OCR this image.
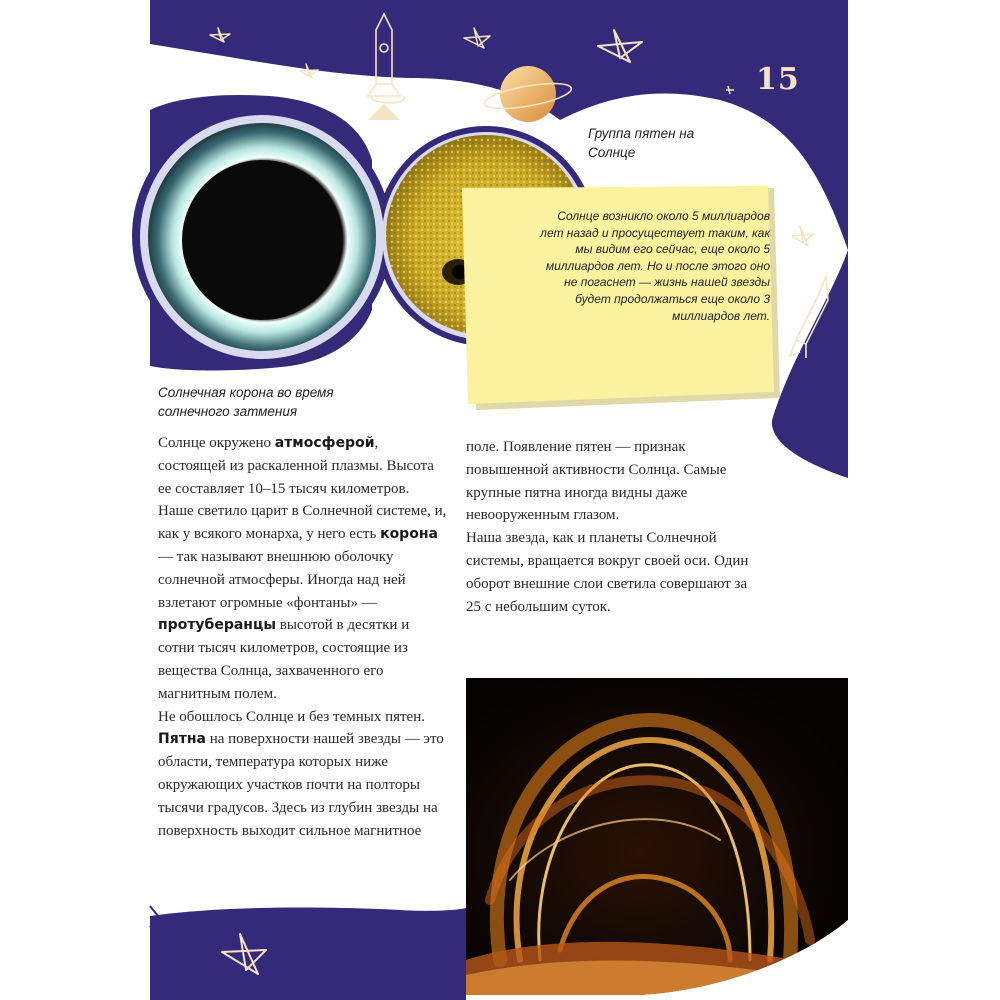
15
Группа пятен на Солнце
Солнечная корона во время солнечного затмения

Солнце возникло около 5 миллиардов лет назад и просуществует таким, как мы видим его сейчас, еще около 5 миллиардов лет. Но и после этого оно не погаснет — жизнь нашей звезды будет продолжаться еще около 3 миллиардов лет.

Солнце окружено атмосферой, состоящей из раскаленной плазмы. Высота ее составляет 10–15 тысяч километров. Наше светило царит в Солнечной системе, и, как у всякого монарха, у него есть корона — так называют внешнюю оболочку солнечной атмосферы. Иногда над ней взлетают огромные «фонтаны» — протуберанцы высотой в десятки и сотни тысяч километров, состоящие из вещества Солнца, захваченного его магнитным полем.
Не обошлось Солнце и без темных пятен. Пятна на поверхности нашей звезды — это области, температура которых ниже окружающих участков почти на полторы тысячи градусов. Здесь из глубин звезды на поверхность выходит сильное магнитное

поле. Появление пятен — признак повышенной активности Солнца. Самые крупные пятна иногда видны даже невооруженным глазом.
Наша звезда, как и планеты Солнечной системы, вращается вокруг своей оси. Один оборот внешние слои светила совершают за 25 с небольшим суток.
